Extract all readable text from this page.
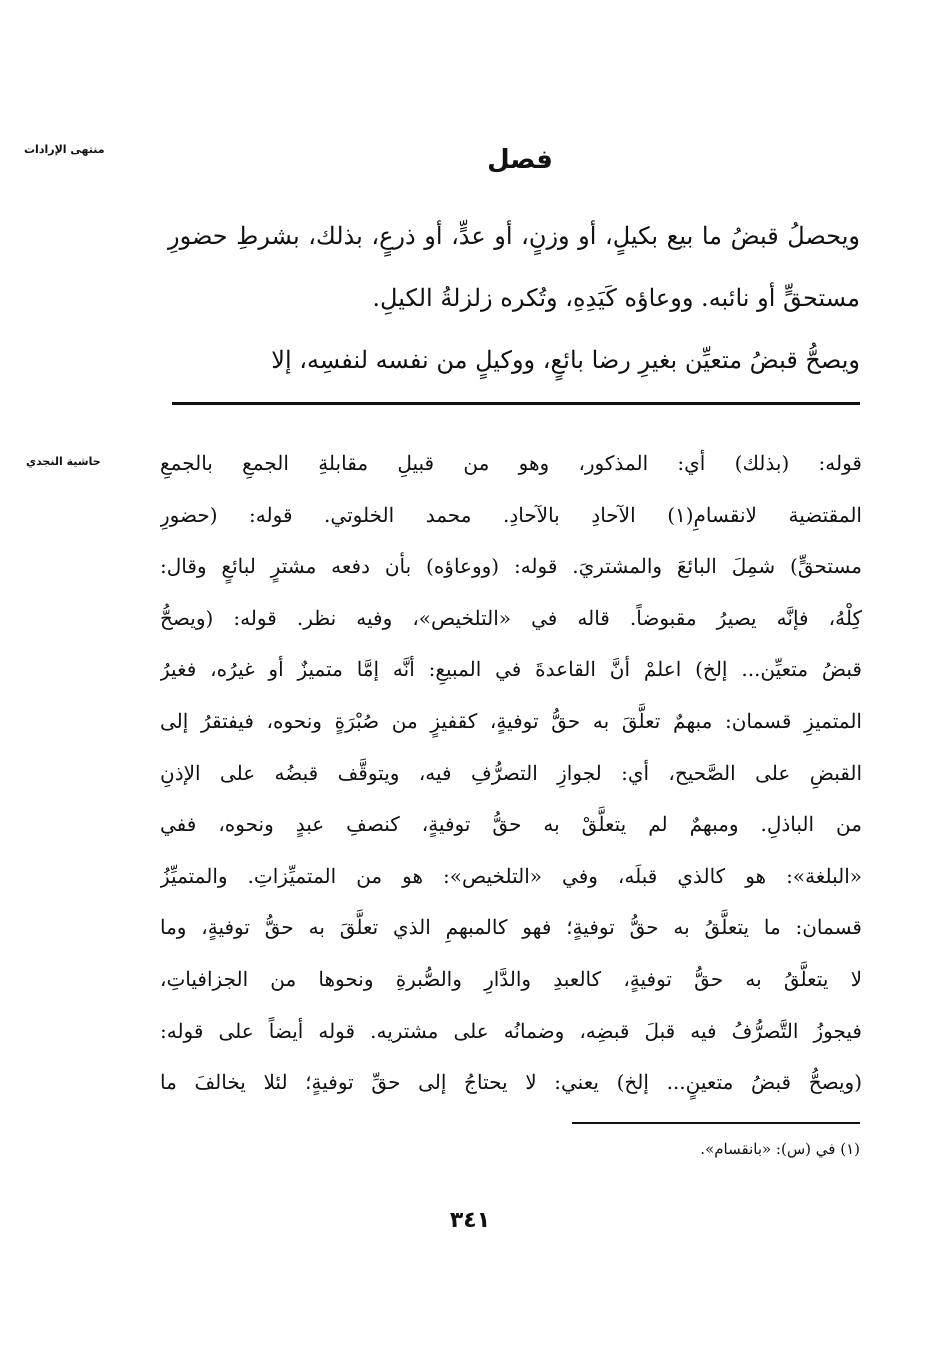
منتهى الإرادات
حاشية النجدي
فصل

ويحصلُ قبضُ ما بيع بكيلٍ، أو وزنٍ، أو عدٍّ، أو ذرعٍ، بذلك، بشرطِ حضورِ مستحقٍّ أو نائبه. ووعاؤه كَيَدِهِ، وتُكره زلزلةُ الكيلِ.

ويصحُّ قبضُ متعيِّن بغيرِ رضا بائعٍ، ووكيلٍ من نفسه لنفسِه، إلا

قوله: (بذلك) أي: المذكور، وهو من قبيلِ مقابلةِ الجمعِ بالجمعِ
المقتضية لانقسامِ(١) الآحادِ بالآحادِ. محمد الخلوتي. قوله: (حضورِ
مستحقٍّ) شمِلَ البائعَ والمشتريَ. قوله: (ووعاؤه) بأن دفعه مشترٍ لبائعٍ وقال:
كِلْهُ، فإنَّه يصيرُ مقبوضاً. قاله في «التلخيص»، وفيه نظر. قوله: (ويصحُّ
قبضُ متعيِّن... إلخ) اعلمْ أنَّ القاعدةَ في المبيعِ: أنَّه إمَّا متميزٌ أو غيرُه، فغيرُ
المتميزِ قسمان: مبهمٌ تعلَّقَ به حقُّ توفيةٍ، كقفيزٍ من صُبْرَةٍ ونحوه، فيفتقرُ إلى
القبضِ على الصَّحيح، أي: لجوازِ التصرُّفِ فيه، ويتوقَّف قبضُه على الإذنِ
من الباذلِ. ومبهمٌ لم يتعلَّقْ به حقُّ توفيةٍ، كنصفِ عبدٍ ونحوه، ففي
«البلغة»: هو كالذي قبلَه، وفي «التلخيص»: هو من المتميِّزاتِ. والمتميِّزُ
قسمان: ما يتعلَّقُ به حقُّ توفيةٍ؛ فهو كالمبهمِ الذي تعلَّقَ به حقُّ توفيةٍ، وما
لا يتعلَّقُ به حقُّ توفيةٍ، كالعبدِ والدَّارِ والصُّبرةِ ونحوها من الجزافياتِ،
فيجوزُ التَّصرُّفُ فيه قبلَ قبضِه، وضمانُه على مشتريه. قوله أيضاً على قوله:
(ويصحُّ قبضُ متعينٍ... إلخ) يعني: لا يحتاجُ إلى حقِّ توفيةٍ؛ لئلا يخالفَ ما
(١) في (س): «بانقسام».
٣٤١
